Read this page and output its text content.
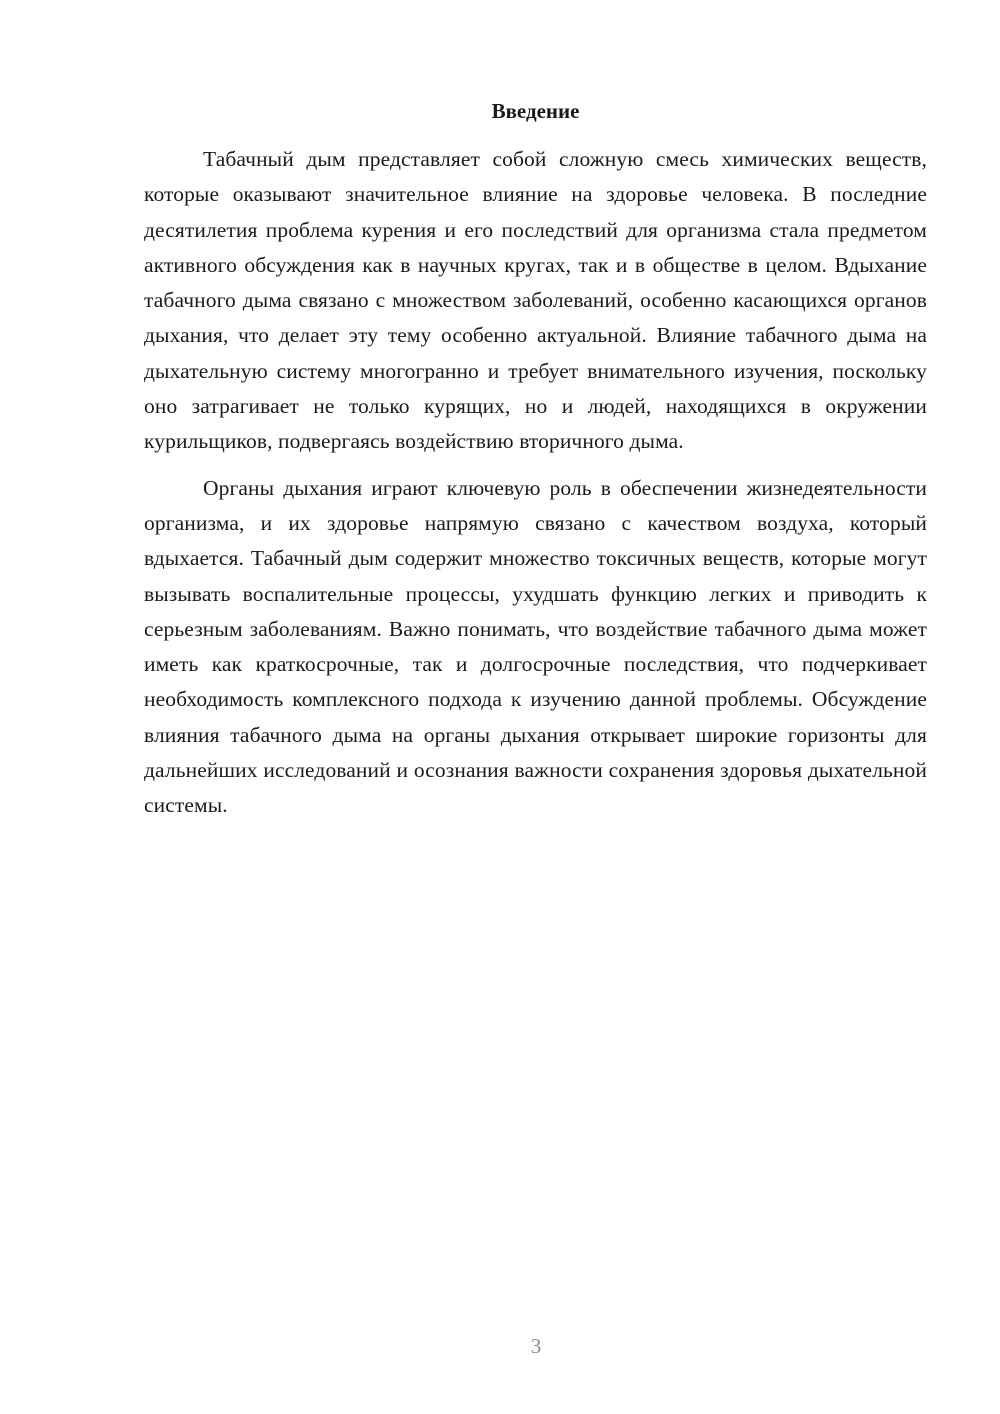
Введение

Табачный дым представляет собой сложную смесь химических веществ, которые оказывают значительное влияние на здоровье человека. В последние десятилетия проблема курения и его последствий для организма стала предметом активного обсуждения как в научных кругах, так и в обществе в целом. Вдыхание табачного дыма связано с множеством заболеваний, особенно касающихся органов дыхания, что делает эту тему особенно актуальной. Влияние табачного дыма на дыхательную систему многогранно и требует внимательного изучения, поскольку оно затрагивает не только курящих, но и людей, находящихся в окружении курильщиков, подвергаясь воздействию вторичного дыма.

Органы дыхания играют ключевую роль в обеспечении жизнедеятельности организма, и их здоровье напрямую связано с качеством воздуха, который вдыхается. Табачный дым содержит множество токсичных веществ, которые могут вызывать воспалительные процессы, ухудшать функцию легких и приводить к серьезным заболеваниям. Важно понимать, что воздействие табачного дыма может иметь как краткосрочные, так и долгосрочные последствия, что подчеркивает необходимость комплексного подхода к изучению данной проблемы. Обсуждение влияния табачного дыма на органы дыхания открывает широкие горизонты для дальнейших исследований и осознания важности сохранения здоровья дыхательной системы.

3
